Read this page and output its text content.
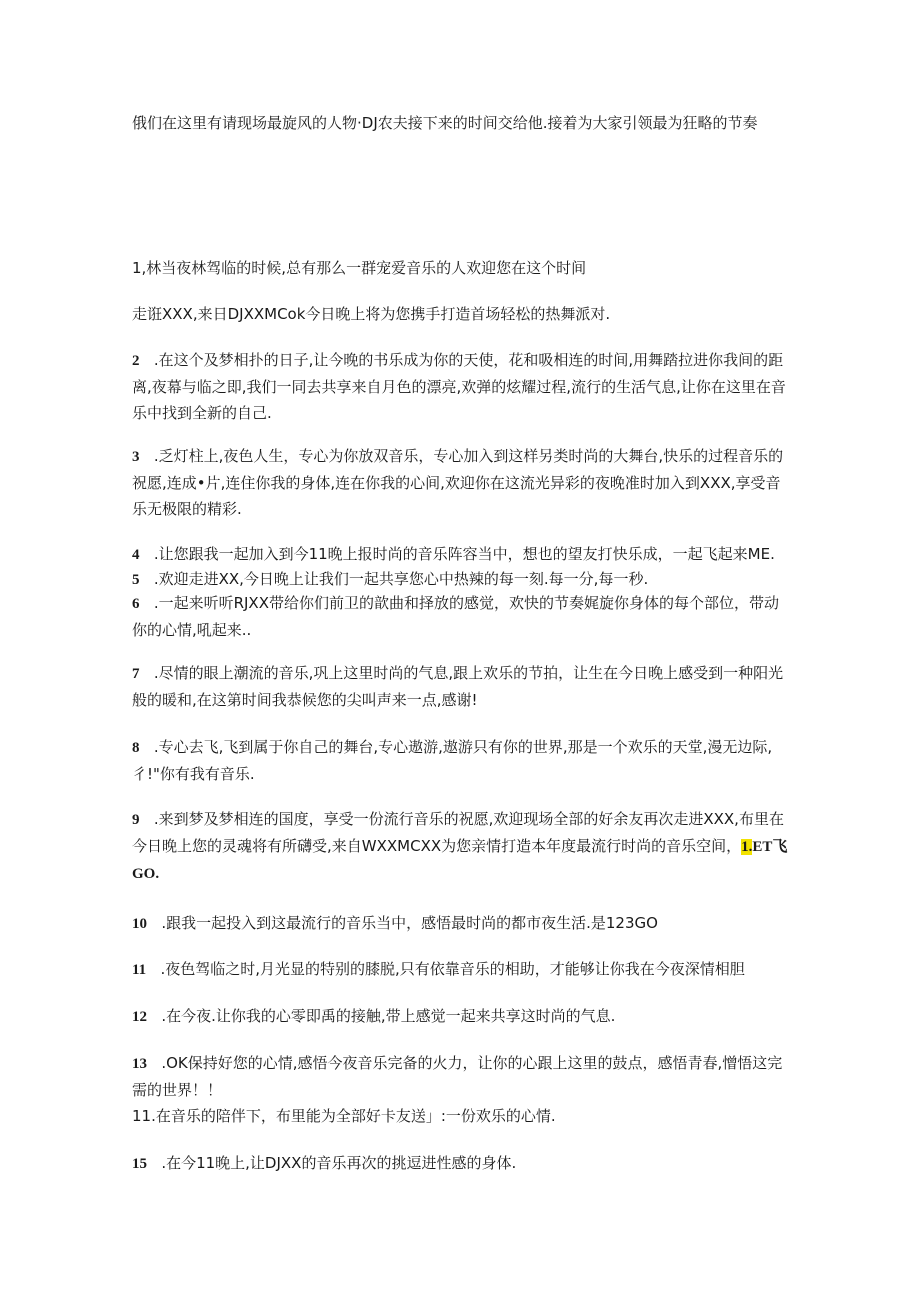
俄们在这里有请现场最旋风的人物·DJ农夫接下来的时间交给他.接着为大家引领最为狂略的节奏

1,林当夜林驾临的时候,总有那么一群宠爱音乐的人欢迎您在这个时间

走诳XXX,来日DJXXMCok今日晚上将为您携手打造首场轻松的热舞派对.

2 .在这个及梦相扑的日子,让今晚的书乐成为你的天使，花和吸相连的时间,用舞踏拉进你我间的距离,夜幕与临之即,我们一同去共享来自月色的漂亮,欢弹的炫耀过程,流行的生活气息,让你在这里在音乐中找到全新的自己.

3 .乏灯柱上,夜色人生，专心为你放双音乐，专心加入到这样另类时尚的大舞台,快乐的过程音乐的祝愿,连成•片,连住你我的身体,连在你我的心间,欢迎你在这流光异彩的夜晚准时加入到XXX,享受音乐无极限的精彩.

4 .让您跟我一起加入到今11晚上报时尚的音乐阵容当中，想也的望友打快乐成，一起飞起来ME.

5 .欢迎走进XX,今日晚上让我们一起共享您心中热辣的每一刻.每一分,每一秒.

6 .一起来听听RJXX带给你们前卫的歆曲和择放的感觉，欢快的节奏娓旋你身体的每个部位，带动你的心情,吼起来..

7 .尽情的眼上潮流的音乐,巩上这里时尚的气息,跟上欢乐的节拍，让生在今日晚上感受到一种阳光般的暖和,在这第时间我恭候您的尖叫声来一点,感谢!

8 .专心去飞,飞到属于你自己的舞台,专心遨游,遨游只有你的世界,那是一个欢乐的天堂,漫无边际,彳!"你有我有音乐.

9 .来到梦及梦相连的国度，享受一份流行音乐的祝愿,欢迎现场全部的好余友再次走进XXX,布里在今日晚上您的灵魂将有所礴受,来自WXXMCXX为您亲情打造本年度最流行时尚的音乐空间，1.ET飞GO.

10 .跟我一起投入到这最流行的音乐当中，感悟最时尚的都市夜生活.是123GO

11 .夜色驾临之时,月光显的特别的膝脱,只有依靠音乐的相助，才能够让你我在今夜深情相胆

12 .在今夜.让你我的心零即禹的接触,带上感觉一起来共享这时尚的气息.

13 .OK保持好您的心情,感悟今夜音乐完备的火力，让你的心跟上这里的鼓点，感悟青春,憎悟这完需的世界！！

11.在音乐的陪伴下，布里能为全部好卡友送」:一份欢乐的心情.

15 .在今11晚上,让DJXX的音乐再次的挑逗进性感的身体.
